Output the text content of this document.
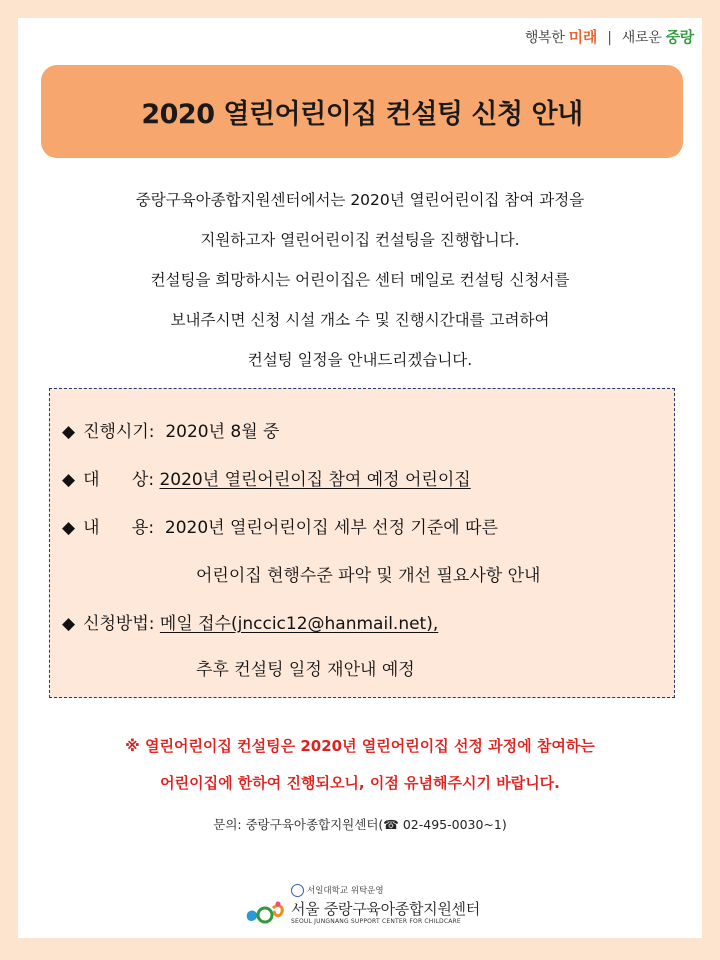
행복한 미래 | 새로운 중랑
2020 열린어린이집 컨설팅 신청 안내
중랑구육아종합지원센터에서는 2020년 열린어린이집 참여 과정을
지원하고자 열린어린이집 컨설팅을 진행합니다.
컨설팅을 희망하시는 어린이집은 센터 메일로 컨설팅 신청서를
보내주시면 신청 시설 개소 수 및 진행시간대를 고려하여
컨설팅 일정을 안내드리겠습니다.
◆ 진행시기: 2020년 8월 중
◆ 대      상: 2020년 열린어린이집 참여 예정 어린이집
◆ 내      용: 2020년 열린어린이집 세부 선정 기준에 따른
어린이집 현행수준 파악 및 개선 필요사항 안내
◆ 신청방법: 메일 접수(jnccic12@hanmail.net),
추후 컨설팅 일정 재안내 예정
※ 열린어린이집 컨설팅은 2020년 열린어린이집 선정 과정에 참여하는
어린이집에 한하여 진행되오니, 이점 유념해주시기 바랍니다.
문의: 중랑구육아종합지원센터(☎ 02-495-0030~1)
서일대학교 위탁운영
서울 중랑구육아종합지원센터
SEOUL JUNGNANG SUPPORT CENTER FOR CHILDCARE
